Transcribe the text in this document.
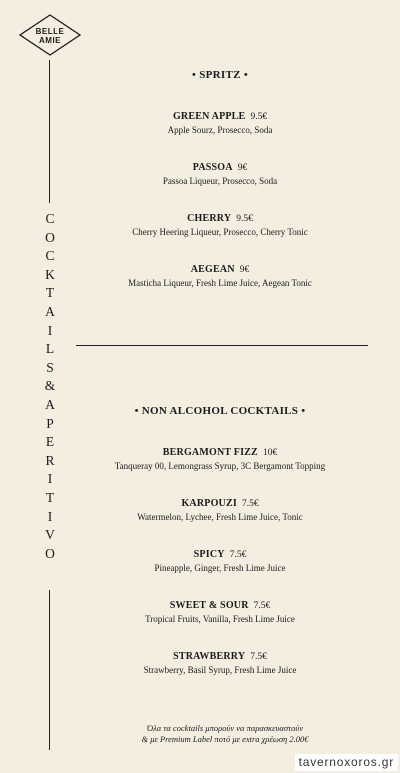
BELLE
AMIE
C
O
C
K
T
A
I
L
S
&
A
P
E
R
I
T
I
V
O
• SPRITZ •
GREEN APPLE 9.5€
Apple Sourz, Prosecco, Soda
PASSOA 9€
Passoa Liqueur, Prosecco, Soda
CHERRY 9.5€
Cherry Heering Liqueur, Prosecco, Cherry Tonic
AEGEAN 9€
Masticha Liqueur, Fresh Lime Juice, Aegean Tonic
• NON ALCOHOL COCKTAILS •
BERGAMONT FIZZ 10€
Tanqueray 00, Lemongrass Syrup, 3C Bergamont Topping
KARPOUZI 7.5€
Watermelon, Lychee, Fresh Lime Juice, Tonic
SPICY 7.5€
Pineapple, Ginger, Fresh Lime Juice
SWEET & SOUR 7.5€
Tropical Fruits, Vanilla, Fresh Lime Juice
STRAWBERRY 7.5€
Strawberry, Basil Syrup, Fresh Lime Juice
Όλα τα cocktails μπορούν να παρασκευαστούν
& με Premium Label ποτό με extra χρέωση 2.00€
tavernoxoros.gr
